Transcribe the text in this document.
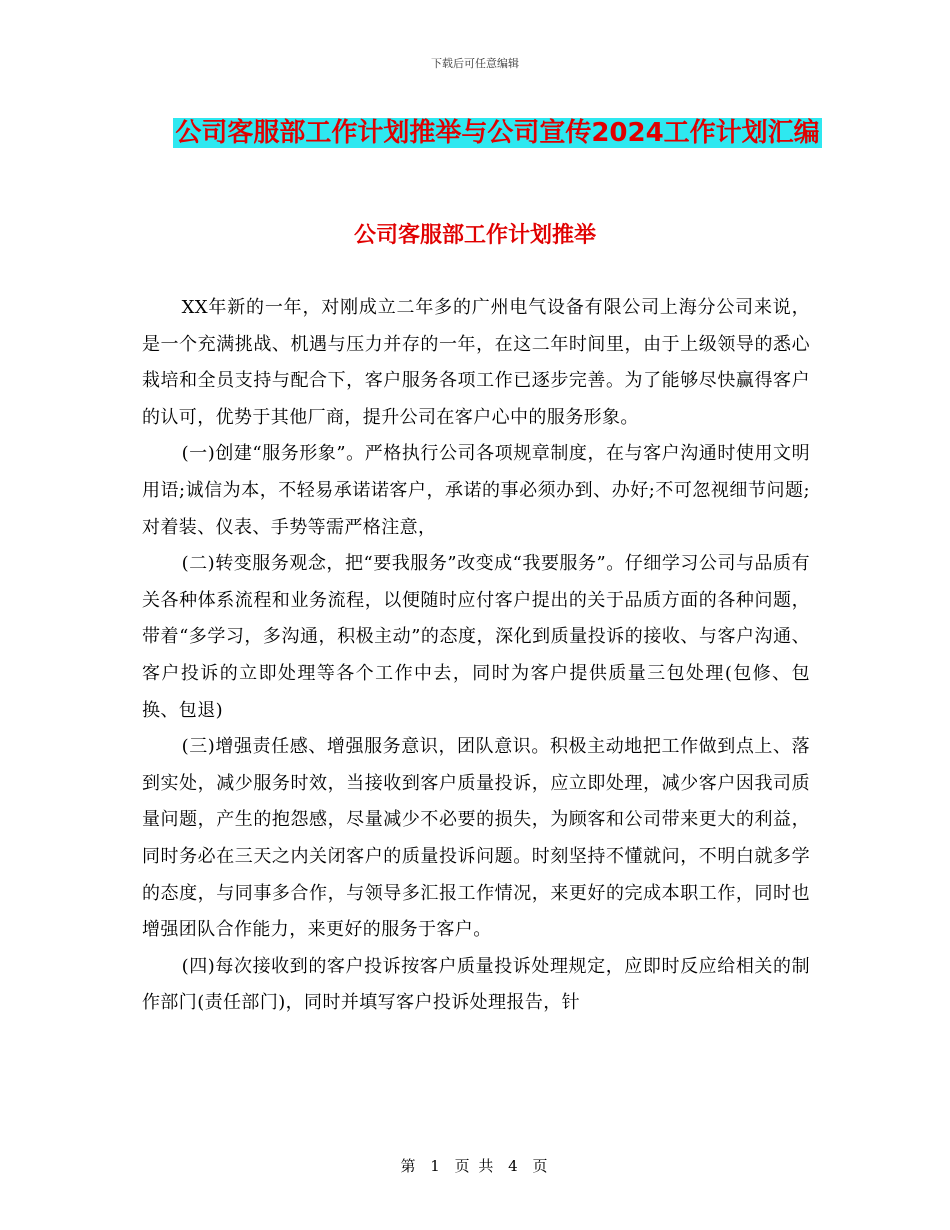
下载后可任意编辑
公司客服部工作计划推举与公司宣传2024工作计划汇编
公司客服部工作计划推举

XX年新的一年，对刚成立二年多的广州电气设备有限公司上海分公司来说，是一个充满挑战、机遇与压力并存的一年，在这二年时间里，由于上级领导的悉心栽培和全员支持与配合下，客户服务各项工作已逐步完善。为了能够尽快赢得客户的认可，优势于其他厂商，提升公司在客户心中的服务形象。

(一)创建“服务形象”。严格执行公司各项规章制度，在与客户沟通时使用文明用语;诚信为本，不轻易承诺诺客户，承诺的事必须办到、办好;不可忽视细节问题;对着装、仪表、手势等需严格注意，

(二)转变服务观念，把“要我服务”改变成“我要服务”。仔细学习公司与品质有关各种体系流程和业务流程，以便随时应付客户提出的关于品质方面的各种问题，带着“多学习，多沟通，积极主动”的态度，深化到质量投诉的接收、与客户沟通、客户投诉的立即处理等各个工作中去，同时为客户提供质量三包处理(包修、包换、包退)

(三)增强责任感、增强服务意识，团队意识。积极主动地把工作做到点上、落到实处，减少服务时效，当接收到客户质量投诉，应立即处理，减少客户因我司质量问题，产生的抱怨感，尽量减少不必要的损失，为顾客和公司带来更大的利益，同时务必在三天之内关闭客户的质量投诉问题。时刻坚持不懂就问，不明白就多学的态度，与同事多合作，与领导多汇报工作情况，来更好的完成本职工作，同时也增强团队合作能力，来更好的服务于客户。

(四)每次接收到的客户投诉按客户质量投诉处理规定，应即时反应给相关的制作部门(责任部门)，同时并填写客户投诉处理报告，针

第 1 页 共 4 页
